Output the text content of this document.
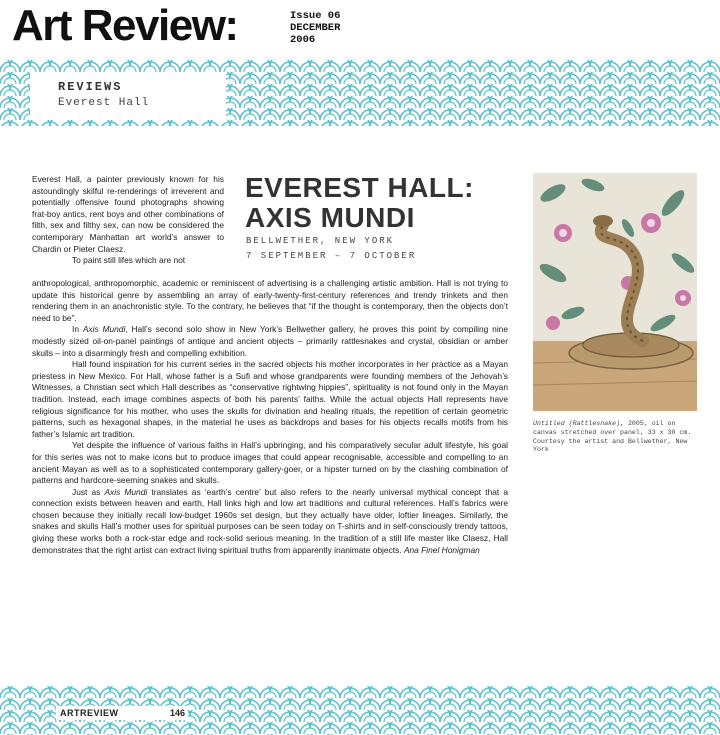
Art Review:	Issue 06
DECEMBER
2006
REVIEWS
Everest Hall
EVEREST HALL:
AXIS MUNDI
BELLWETHER, NEW YORK
7 SEPTEMBER – 7 OCTOBER

Everest Hall, a painter previously known for his astoundingly skilful re-renderings of irreverent and potentially offensive found photographs showing frat-boy antics, rent boys and other combinations of filth, sex and filthy sex, can now be considered the contemporary Manhattan art world’s answer to Chardin or Pieter Claesz.

To paint still lifes which are not

anthropological, anthropomorphic, academic or reminiscent of advertising is a challenging artistic ambition. Hall is not trying to update this historical genre by assembling an array of early-twenty-first-century references and trendy trinkets and then rendering them in an anachronistic style. To the contrary, he believes that “if the thought is contemporary, then the objects don’t need to be”.

In Axis Mundi, Hall’s second solo show in New York’s Bellwether gallery, he proves this point by compiling nine modestly sized oil-on-panel paintings of antique and ancient objects – primarily rattlesnakes and crystal, obsidian or amber skulls – into a disarmingly fresh and compelling exhibition.

Hall found inspiration for his current series in the sacred objects his mother incorporates in her practice as a Mayan priestess in New Mexico. For Hall, whose father is a Sufi and whose grandparents were founding members of the Jehovah’s Witnesses, a Christian sect which Hall describes as “conservative rightwing hippies”, spirituality is not found only in the Mayan tradition. Instead, each image combines aspects of both his parents’ faiths. While the actual objects Hall represents have religious significance for his mother, who uses the skulls for divination and healing rituals, the repetition of certain geometric patterns, such as hexagonal shapes, in the material he uses as backdrops and bases for his objects recalls motifs from his father’s Islamic art tradition.

Yet despite the influence of various faiths in Hall’s upbringing, and his comparatively secular adult lifestyle, his goal for this series was not to make icons but to produce images that could appear recognisable, accessible and compelling to an ancient Mayan as well as to a sophisticated contemporary gallery-goer, or a hipster turned on by the clashing combination of patterns and hardcore-seeming snakes and skulls.

Just as Axis Mundi translates as ‘earth’s centre’ but also refers to the nearly universal mythical concept that a connection exists between heaven and earth, Hall links high and low art traditions and cultural references. Hall’s fabrics were chosen because they initially recall low-budget 1960s set design, but they actually have older, loftier lineages. Similarly, the snakes and skulls Hall’s mother uses for spiritual purposes can be seen today on T-shirts and in self-consciously trendy tattoos, giving these works both a rock-star edge and rock-solid serious meaning. In the tradition of a still life master like Claesz, Hall demonstrates that the right artist can extract living spiritual truths from apparently inanimate objects. Ana Finel Honigman

Untitled (Rattlesnake), 2005, oil on canvas stretched over panel, 33 x 30 cm. Courtesy the artist and Bellwether, New York
ARTREVIEW	146
